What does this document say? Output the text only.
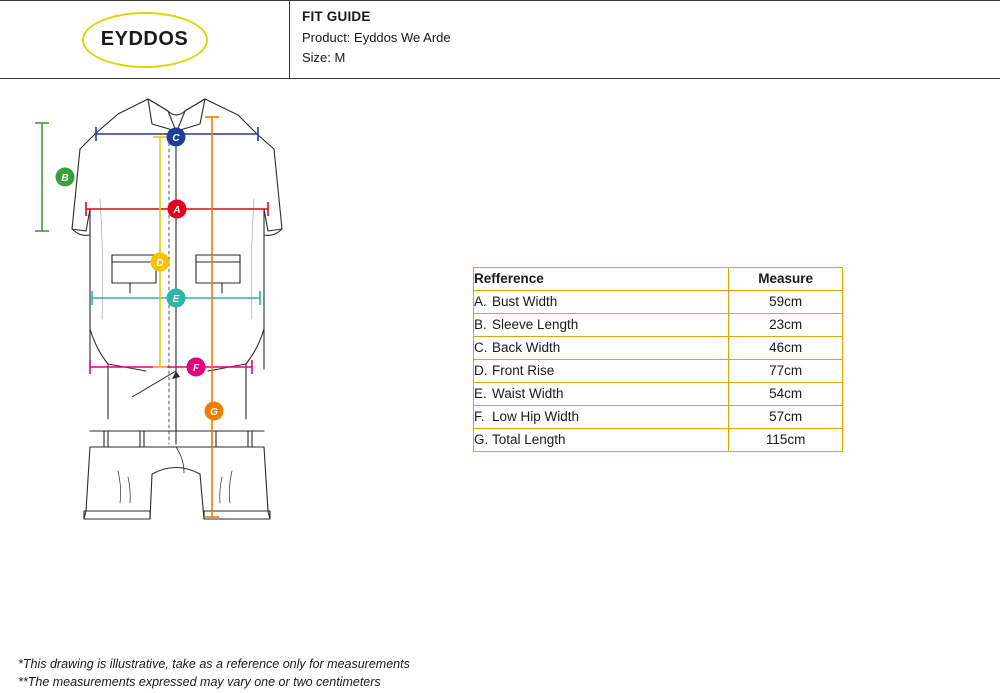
EYDDOS
FIT GUIDE
Product: Eyddos We Arde
Size: M
C
B
A
D
E
F
G
Refference	Measure
A. Bust Width	59cm
B. Sleeve Length	23cm
C. Back Width	46cm
D. Front Rise	77cm
E. Waist Width	54cm
F. Low Hip Width	57cm
G. Total Length	115cm
*This drawing is illustrative, take as a reference only for measurements
**The measurements expressed may vary one or two centimeters
